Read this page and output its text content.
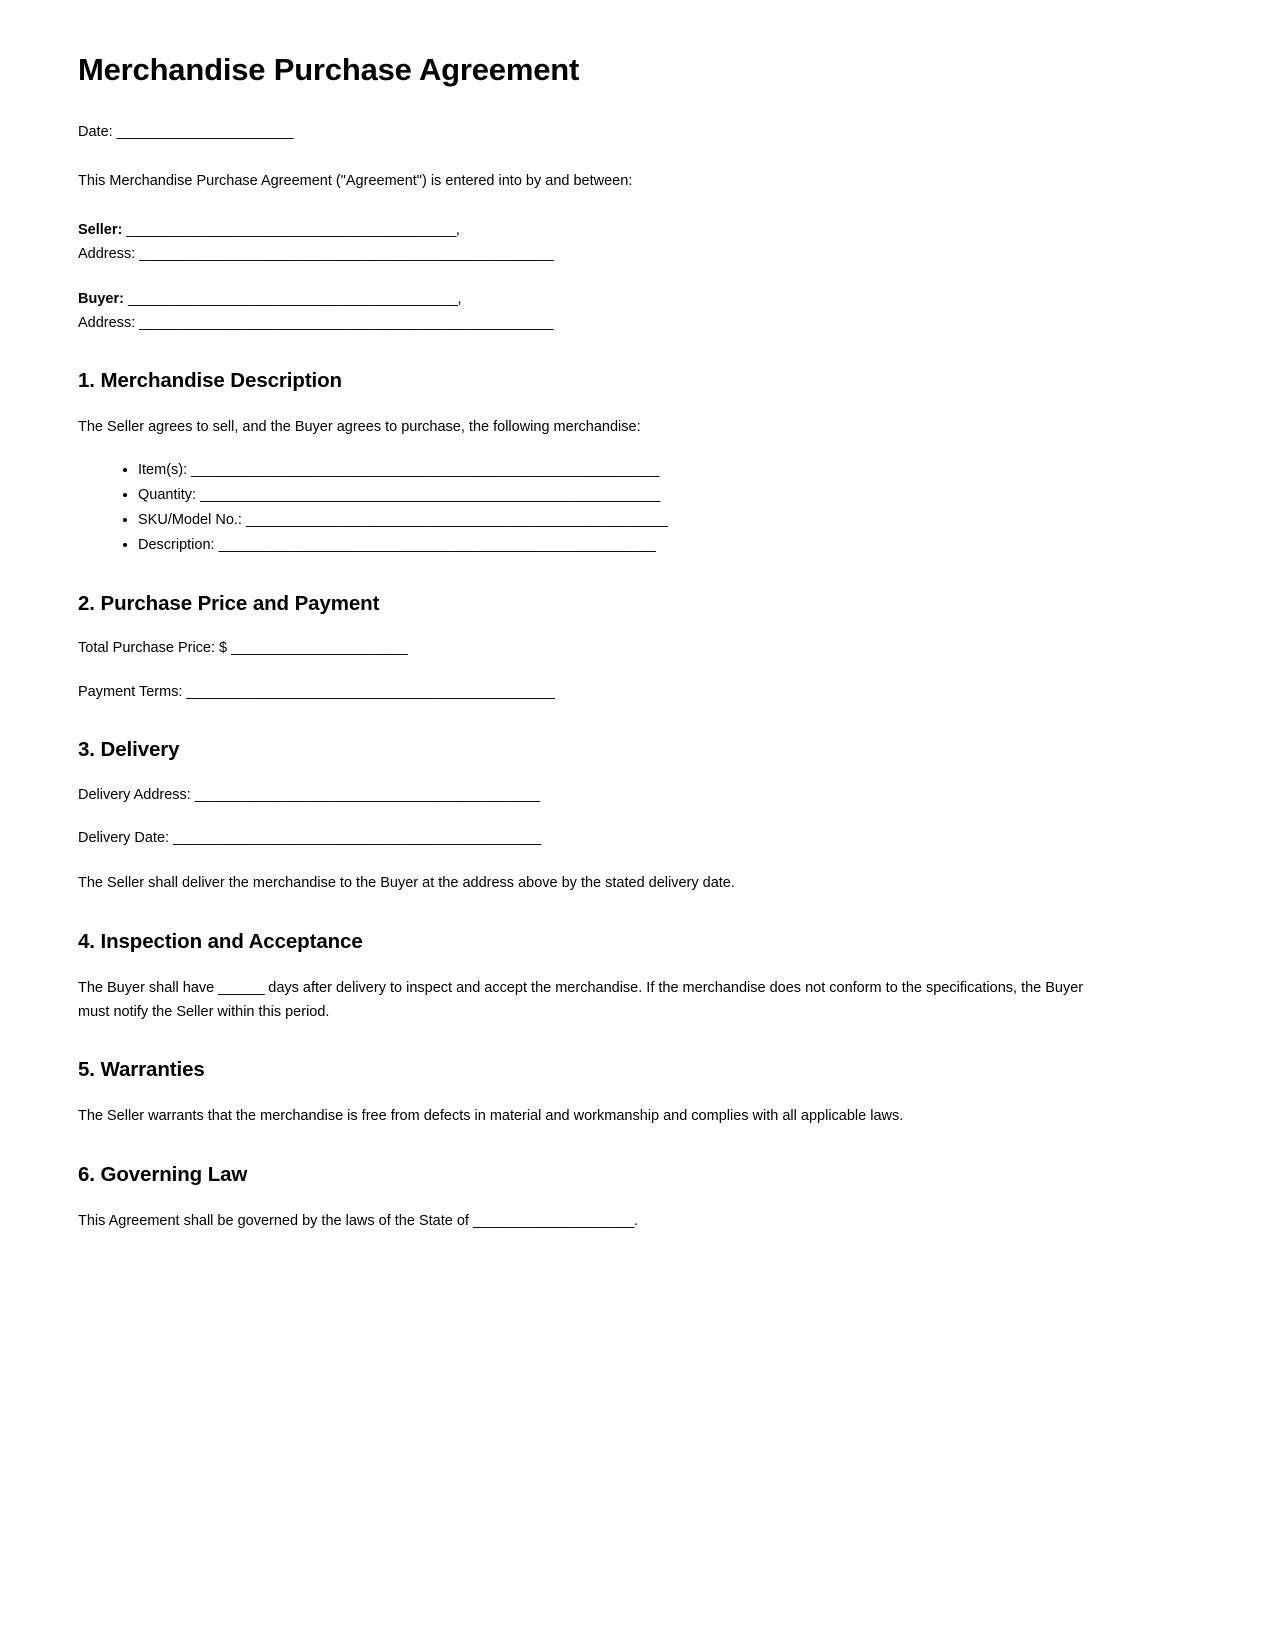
Merchandise Purchase Agreement
Date: _______________________

This Merchandise Purchase Agreement ("Agreement") is entered into by and between:

Seller: ___________________________________________,
Address: ______________________________________________________
Buyer: ___________________________________________,
Address: ______________________________________________________
1. Merchandise Description

The Seller agrees to sell, and the Buyer agrees to purchase, the following merchandise:

• Item(s): _____________________________________________________________
• Quantity: ____________________________________________________________
• SKU/Model No.: _______________________________________________________
• Description: _________________________________________________________
2. Purchase Price and Payment
Total Purchase Price: $ _______________________
Payment Terms: ________________________________________________
3. Delivery
Delivery Address: _____________________________________________
Delivery Date: ________________________________________________

The Seller shall deliver the merchandise to the Buyer at the address above by the stated delivery date.

4. Inspection and Acceptance

The Buyer shall have ______ days after delivery to inspect and accept the merchandise. If the merchandise does not conform to the specifications, the Buyer must notify the Seller within this period.

5. Warranties

The Seller warrants that the merchandise is free from defects in material and workmanship and complies with all applicable laws.

6. Governing Law

This Agreement shall be governed by the laws of the State of _____________________.
